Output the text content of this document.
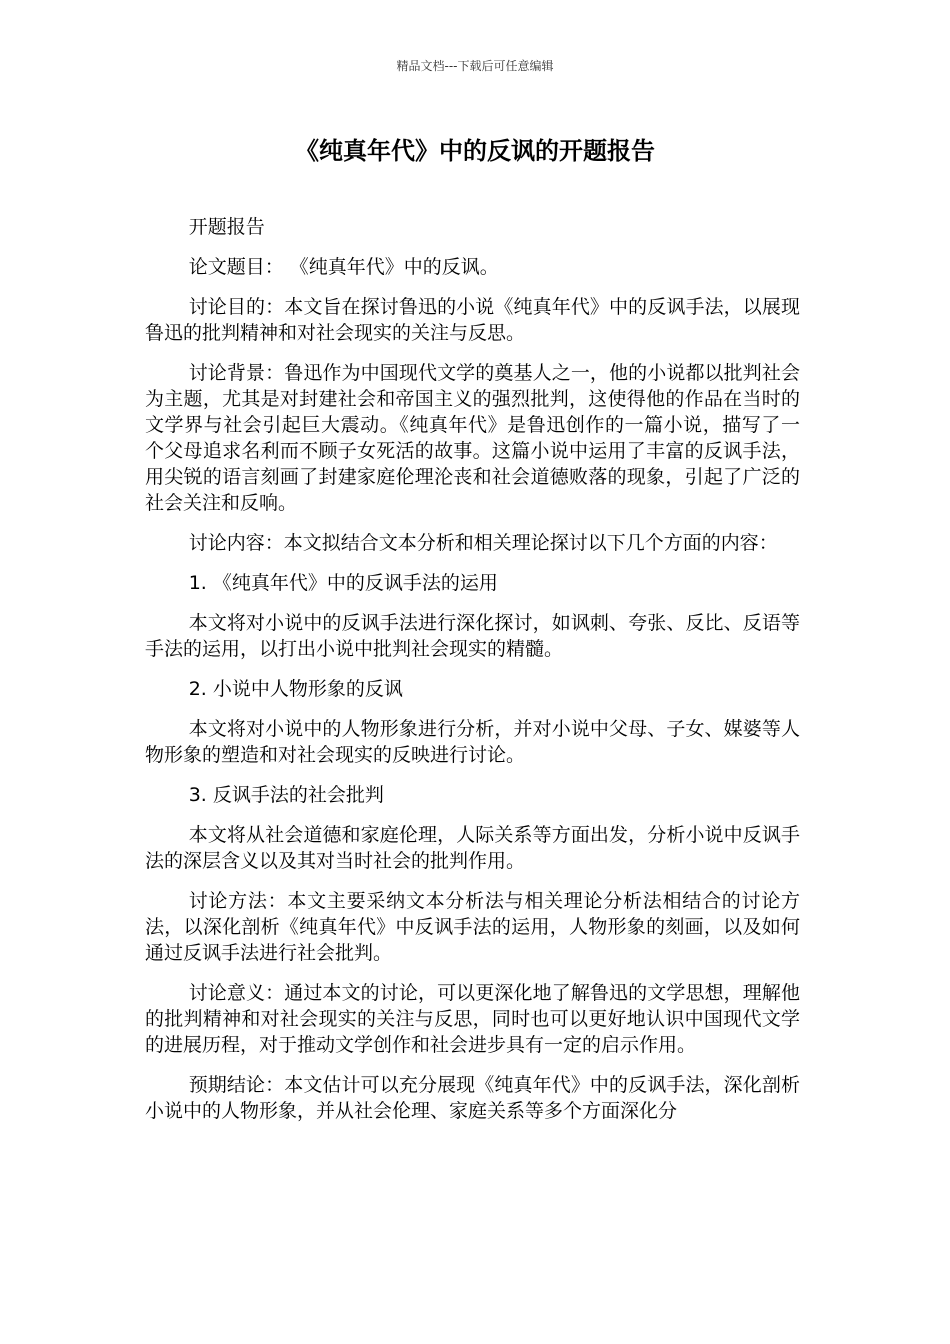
精品文档---下载后可任意编辑
《纯真年代》中的反讽的开题报告

开题报告

论文题目： 《纯真年代》中的反讽。

讨论目的：本文旨在探讨鲁迅的小说《纯真年代》中的反讽手法，以展现鲁迅的批判精神和对社会现实的关注与反思。

讨论背景：鲁迅作为中国现代文学的奠基人之一，他的小说都以批判社会为主题，尤其是对封建社会和帝国主义的强烈批判，这使得他的作品在当时的文学界与社会引起巨大震动。《纯真年代》是鲁迅创作的一篇小说，描写了一个父母追求名利而不顾子女死活的故事。这篇小说中运用了丰富的反讽手法，用尖锐的语言刻画了封建家庭伦理沦丧和社会道德败落的现象，引起了广泛的社会关注和反响。

讨论内容：本文拟结合文本分析和相关理论探讨以下几个方面的内容：

1. 《纯真年代》中的反讽手法的运用

本文将对小说中的反讽手法进行深化探讨，如讽刺、夸张、反比、反语等手法的运用，以打出小说中批判社会现实的精髓。

2. 小说中人物形象的反讽

本文将对小说中的人物形象进行分析，并对小说中父母、子女、媒婆等人物形象的塑造和对社会现实的反映进行讨论。

3. 反讽手法的社会批判

本文将从社会道德和家庭伦理，人际关系等方面出发，分析小说中反讽手法的深层含义以及其对当时社会的批判作用。

讨论方法：本文主要采纳文本分析法与相关理论分析法相结合的讨论方法，以深化剖析《纯真年代》中反讽手法的运用，人物形象的刻画，以及如何通过反讽手法进行社会批判。

讨论意义：通过本文的讨论，可以更深化地了解鲁迅的文学思想，理解他的批判精神和对社会现实的关注与反思，同时也可以更好地认识中国现代文学的进展历程，对于推动文学创作和社会进步具有一定的启示作用。

预期结论：本文估计可以充分展现《纯真年代》中的反讽手法，深化剖析小说中的人物形象，并从社会伦理、家庭关系等多个方面深化分
